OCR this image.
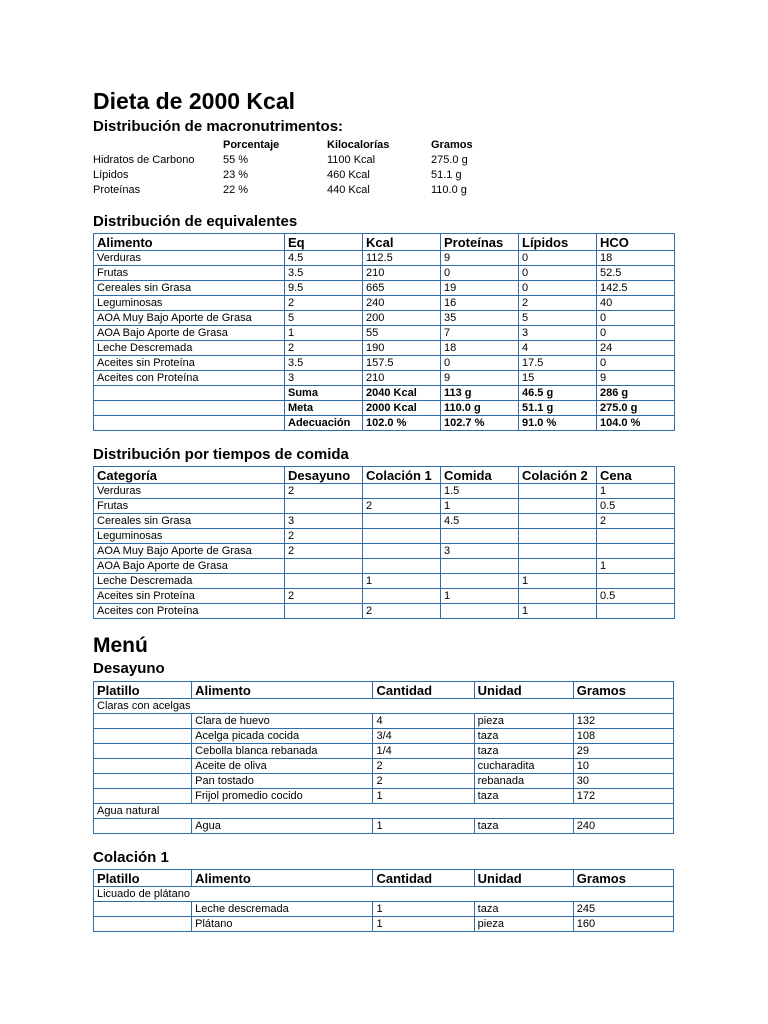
Dieta de 2000 Kcal
Distribución de macronutrimentos:
	Porcentaje	Kilocalorías	Gramos
Hidratos de Carbono	55 %	1100 Kcal	275.0 g
Lípidos	23 %	460 Kcal	51.1 g
Proteínas	22 %	440 Kcal	110.0 g
Distribución de equivalentes
Alimento	Eq	Kcal	Proteínas	Lípidos	HCO
Verduras	4.5	112.5	9	0	18
Frutas	3.5	210	0	0	52.5
Cereales sin Grasa	9.5	665	19	0	142.5
Leguminosas	2	240	16	2	40
AOA Muy Bajo Aporte de Grasa	5	200	35	5	0
AOA Bajo Aporte de Grasa	1	55	7	3	0
Leche Descremada	2	190	18	4	24
Aceites sin Proteína	3.5	157.5	0	17.5	0
Aceites con Proteína	3	210	9	15	9
	Suma	2040 Kcal	113 g	46.5 g	286 g
	Meta	2000 Kcal	110.0 g	51.1 g	275.0 g
	Adecuación	102.0 %	102.7 %	91.0 %	104.0 %
Distribución por tiempos de comida
Categoría	Desayuno	Colación 1	Comida	Colación 2	Cena
Verduras	2		1.5		1
Frutas		2	1		0.5
Cereales sin Grasa	3		4.5		2
Leguminosas	2				
AOA Muy Bajo Aporte de Grasa	2		3		
AOA Bajo Aporte de Grasa					1
Leche Descremada		1		1	
Aceites sin Proteína	2		1		0.5
Aceites con Proteína		2		1	
Menú
Desayuno
Platillo	Alimento	Cantidad	Unidad	Gramos
Claras con acelgas				
	Clara de huevo	4	pieza	132
	Acelga picada cocida	3/4	taza	108
	Cebolla blanca rebanada	1/4	taza	29
	Aceite de oliva	2	cucharadita	10
	Pan tostado	2	rebanada	30
	Frijol promedio cocido	1	taza	172
Agua natural				
	Agua	1	taza	240
Colación 1
Platillo	Alimento	Cantidad	Unidad	Gramos
Licuado de plátano				
	Leche descremada	1	taza	245
	Plátano	1	pieza	160
